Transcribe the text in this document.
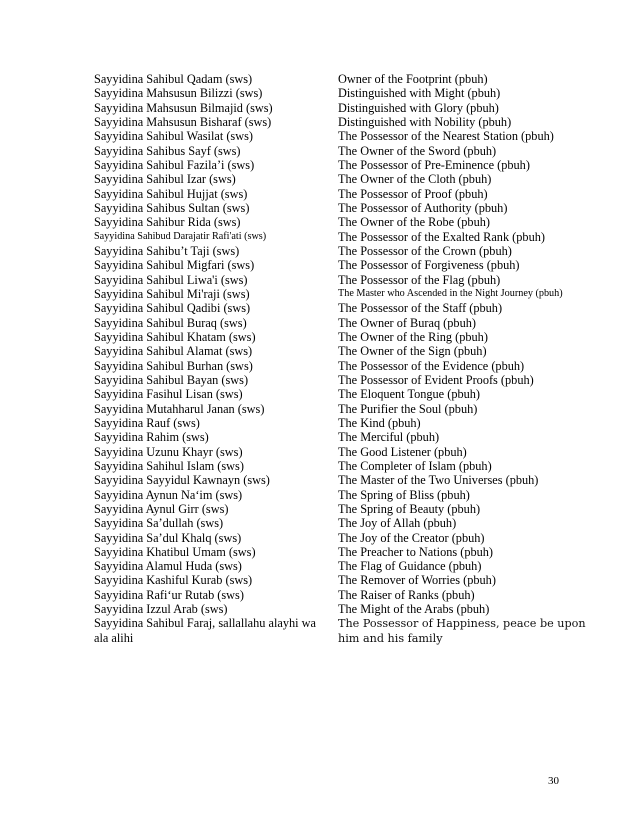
Sayyidina Sahibul Qadam (sws)
Sayyidina Mahsusun Bilizzi (sws)
Sayyidina Mahsusun Bilmajid (sws)
Sayyidina Mahsusun Bisharaf (sws)
Sayyidina Sahibul Wasilat (sws)
Sayyidina Sahibus Sayf (sws)
Sayyidina Sahibul Fazila’i (sws)
Sayyidina Sahibul Izar (sws)
Sayyidina Sahibul Hujjat (sws)
Sayyidina Sahibus Sultan (sws)
Sayyidina Sahibur Rida (sws)
Sayyidina Sahibud Darajatir Rafi'ati (sws)
Sayyidina Sahibu’t Taji (sws)
Sayyidina Sahibul Migfari (sws)
Sayyidina Sahibul Liwa'i (sws)
Sayyidina Sahibul Mi'raji (sws)
Sayyidina Sahibul Qadibi (sws)
Sayyidina Sahibul Buraq (sws)
Sayyidina Sahibul Khatam (sws)
Sayyidina Sahibul Alamat (sws)
Sayyidina Sahibul Burhan (sws)
Sayyidina Sahibul Bayan (sws)
Sayyidina Fasihul Lisan (sws)
Sayyidina Mutahharul Janan (sws)
Sayyidina Rauf (sws)
Sayyidina Rahim (sws)
Sayyidina Uzunu Khayr (sws)
Sayyidina Sahihul Islam (sws)
Sayyidina Sayyidul Kawnayn (sws)
Sayyidina Aynun Na‘im (sws)
Sayyidina Aynul Girr (sws)
Sayyidina Sa’dullah (sws)
Sayyidina Sa’dul Khalq (sws)
Sayyidina Khatibul Umam (sws)
Sayyidina Alamul Huda (sws)
Sayyidina Kashiful Kurab (sws)
Sayyidina Rafi‘ur Rutab (sws)
Sayyidina Izzul Arab (sws)
Sayyidina Sahibul Faraj, sallallahu alayhi wa ala alihi
Owner of the Footprint (pbuh)
Distinguished with Might (pbuh)
Distinguished with Glory (pbuh)
Distinguished with Nobility (pbuh)
The Possessor of the Nearest Station (pbuh)
The Owner of the Sword (pbuh)
The Possessor of Pre-Eminence (pbuh)
The Owner of the Cloth (pbuh)
The Possessor of Proof (pbuh)
The Possessor of Authority (pbuh)
The Owner of the Robe (pbuh)
The Possessor of the Exalted Rank (pbuh)
The Possessor of the Crown (pbuh)
The Possessor of Forgiveness (pbuh)
The Possessor of the Flag (pbuh)
The Master who Ascended in the Night Journey (pbuh)
The Possessor of the Staff (pbuh)
The Owner of Buraq (pbuh)
The Owner of the Ring (pbuh)
The Owner of the Sign (pbuh)
The Possessor of the Evidence (pbuh)
The Possessor of Evident Proofs (pbuh)
The Eloquent Tongue (pbuh)
The Purifier the Soul (pbuh)
The Kind (pbuh)
The Merciful (pbuh)
The Good Listener (pbuh)
The Completer of Islam (pbuh)
The Master of the Two Universes (pbuh)
The Spring of Bliss (pbuh)
The Spring of Beauty (pbuh)
The Joy of Allah (pbuh)
The Joy of the Creator (pbuh)
The Preacher to Nations (pbuh)
The Flag of Guidance (pbuh)
The Remover of Worries (pbuh)
The Raiser of Ranks (pbuh)
The Might of the Arabs (pbuh)
The Possessor of Happiness, peace be upon him and his family
30
